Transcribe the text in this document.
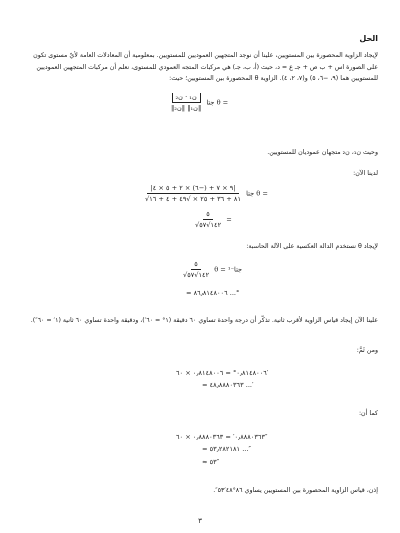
الحل
لإيجاد الزاوية المحصورة بين المستويين، علينا أن نوجد المتجهين العموديين للمستويين. بمعلومية أن المعادلات العامة لأيّ مستوى تكون على الصورة اس + ب ص + جـ ع = د، حيث (أ، ب، جـ) هي مركبات المتجه العمودي للمستوى، نعلم أن مركبات المتجهين العموديين للمستويين هما (٩، −٦، ٥) و(٧، ٢، ٤). الزاوية θ المحصورة بين المستويين؛ حيث:
$\frac{\text{ن₁ · ن₂}}{\text{‖ن₁‖ ‖ن₂‖}}$ جتا θ =
وحيث ن₁، ن₂ متجهان عموديان للمستويين.
لدينا الآن:
$\frac{|٩ \times ٧ + (-٦) \times ٢ + ٥ \times ٤|}{√٨١ + ٣٦ + ٢٥ \times √٤٩ + ٤ + ١٦}$ جتا θ =
$\frac{٥}{√١٤٢√٥٧}$ =
لإيجاد θ نستخدم الدالة العكسية على الآلة الحاسبة:
$\frac{٥}{√١٤٢√٥٧}$ θ = جتا⁻¹
= ٨٦٫٨١٤٨٠٠٦ ...°
علينا الآن إيجاد قياس الزاوية لأقرب ثانية. تذكّر أن درجة واحدة تساوي ٦٠ دقيقة (١° = ٦٠′)، ودقيقة واحدة تساوي ٦٠ ثانية (١′ = ٦٠″).
ومن ثَمَّ:
٠٫٨١٤٨٠٠٦° = ٠٫٨١٤٨٠٠٦ × ٦٠′
= ٤٨٫٨٨٨٠٣٦٣ ...′
كما أن:
٠٫٨٨٨٠٣٦٣′ = ٠٫٨٨٨٠٣٦٣ × ٦٠″
= ٥٣٫٢٨٢١٨١ ...″
≈ ٥٣″
إذن، قياس الزاوية المحصورة بين المستويين يساوي ٨٦°٤٨′٥٣″.
٣
